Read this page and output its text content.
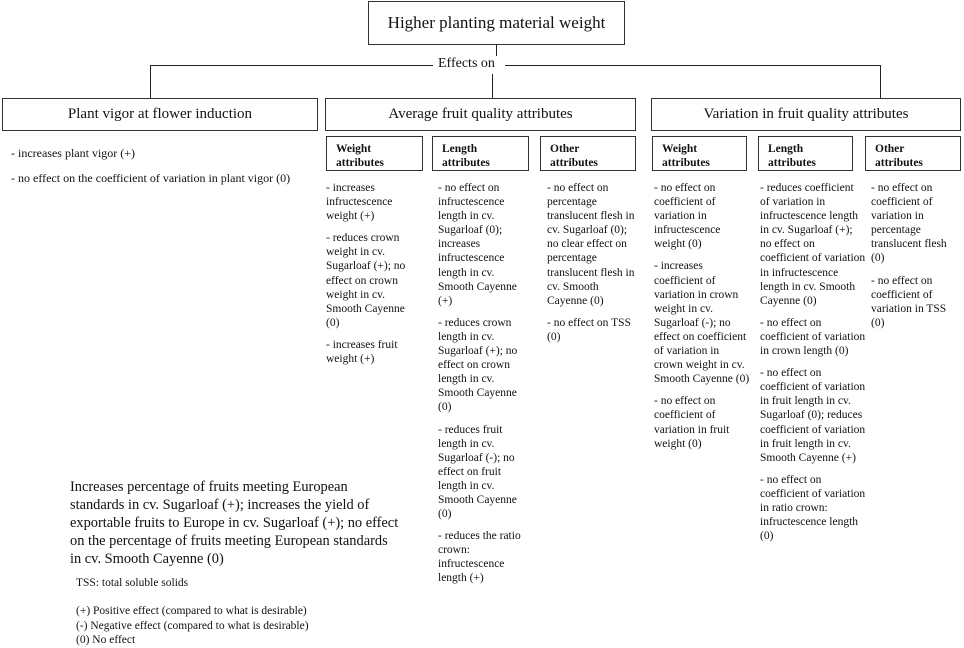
Higher planting material weight
Effects on
Plant vigor at flower induction	Average fruit quality attributes	Variation in fruit quality attributes

- increases plant vigor (+)

- no effect on the coefficient of variation in plant vigor (0)

Weight
attributes
Length
attributes
Other
attributes
Weight
attributes
Length
attributes
Other
attributes

- increases infructescence weight (+)

- reduces crown weight in cv. Sugarloaf (+); no effect on crown weight in cv. Smooth Cayenne (0)

- increases fruit weight (+)

- no effect on infructescence length in cv. Sugarloaf (0); increases infructescence length in cv. Smooth Cayenne (+)

- reduces crown length in cv. Sugarloaf (+); no effect on crown length in cv. Smooth Cayenne (0)

- reduces fruit length in cv. Sugarloaf (-); no effect on fruit length in cv. Smooth Cayenne (0)

- reduces the ratio crown: infructescence length (+)

- no effect on percentage translucent flesh in cv. Sugarloaf (0); no clear effect on percentage translucent flesh in cv. Smooth Cayenne (0)

- no effect on TSS (0)

- no effect on coefficient of variation in infructescence weight (0)

- increases coefficient of variation in crown weight in cv. Sugarloaf (-); no effect on coefficient of variation in crown weight in cv. Smooth Cayenne (0)

- no effect on coefficient of variation in fruit weight (0)

- reduces coefficient of variation in infructescence length in cv. Sugarloaf (+); no effect on coefficient of variation in infructescence length in cv. Smooth Cayenne (0)

- no effect on coefficient of variation in crown length (0)

- no effect on coefficient of variation in fruit length in cv. Sugarloaf (0); reduces coefficient of variation in fruit length in cv. Smooth Cayenne (+)

- no effect on coefficient of variation in ratio crown: infructescence length (0)

- no effect on coefficient of variation in percentage translucent flesh (0)

- no effect on coefficient of variation in TSS (0)

Increases percentage of fruits meeting European standards in cv. Sugarloaf (+); increases the yield of exportable fruits to Europe in cv. Sugarloaf (+); no effect on the percentage of fruits meeting European standards in cv. Smooth Cayenne (0)
TSS: total soluble solids
(+) Positive effect (compared to what is desirable)
(-) Negative effect (compared to what is desirable)
(0) No effect
